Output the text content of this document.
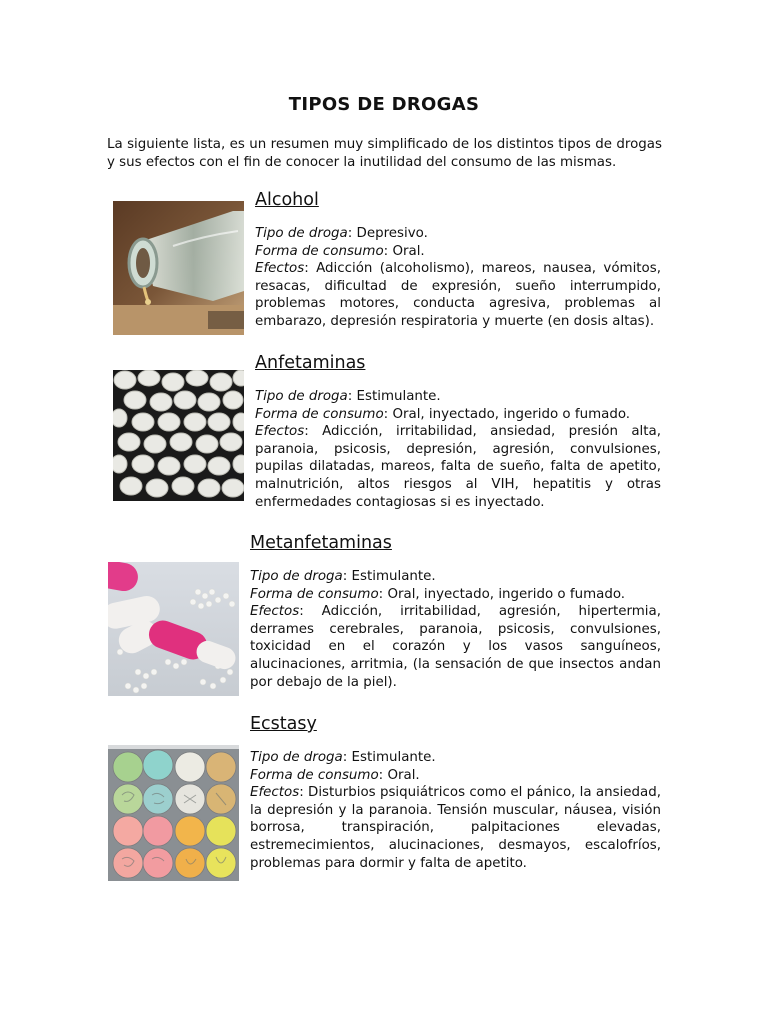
TIPOS DE DROGAS
La siguiente lista, es un resumen muy simplificado de los distintos tipos de drogas y sus efectos con el fin de conocer la inutilidad del consumo de las mismas.
Alcohol

Tipo de droga: Depresivo.

Forma de consumo: Oral.

Efectos: Adicción (alcoholismo), mareos, nausea, vómitos, resacas, dificultad de expresión, sueño interrumpido, problemas motores, conducta agresiva, problemas al embarazo, depresión respiratoria y muerte (en dosis altas).

Anfetaminas

Tipo de droga: Estimulante.

Forma de consumo: Oral, inyectado, ingerido o fumado.

Efectos: Adicción, irritabilidad, ansiedad, presión alta, paranoia, psicosis, depresión, agresión, convulsiones, pupilas dilatadas, mareos, falta de sueño, falta de apetito, malnutrición, altos riesgos al VIH, hepatitis y otras enfermedades contagiosas si es inyectado.

Metanfetaminas

Tipo de droga: Estimulante.

Forma de consumo: Oral, inyectado, ingerido o fumado.

Efectos: Adicción, irritabilidad, agresión, hipertermia, derrames cerebrales, paranoia, psicosis, convulsiones, toxicidad en el corazón y los vasos sanguíneos, alucinaciones, arritmia, (la sensación de que insectos andan por debajo de la piel).

Ecstasy

Tipo de droga: Estimulante.

Forma de consumo: Oral.

Efectos: Disturbios psiquiátricos como el pánico, la ansiedad, la depresión y la paranoia. Tensión muscular, náusea, visión borrosa, transpiración, palpitaciones elevadas, estremecimientos, alucinaciones, desmayos, escalofríos, problemas para dormir y falta de apetito.
